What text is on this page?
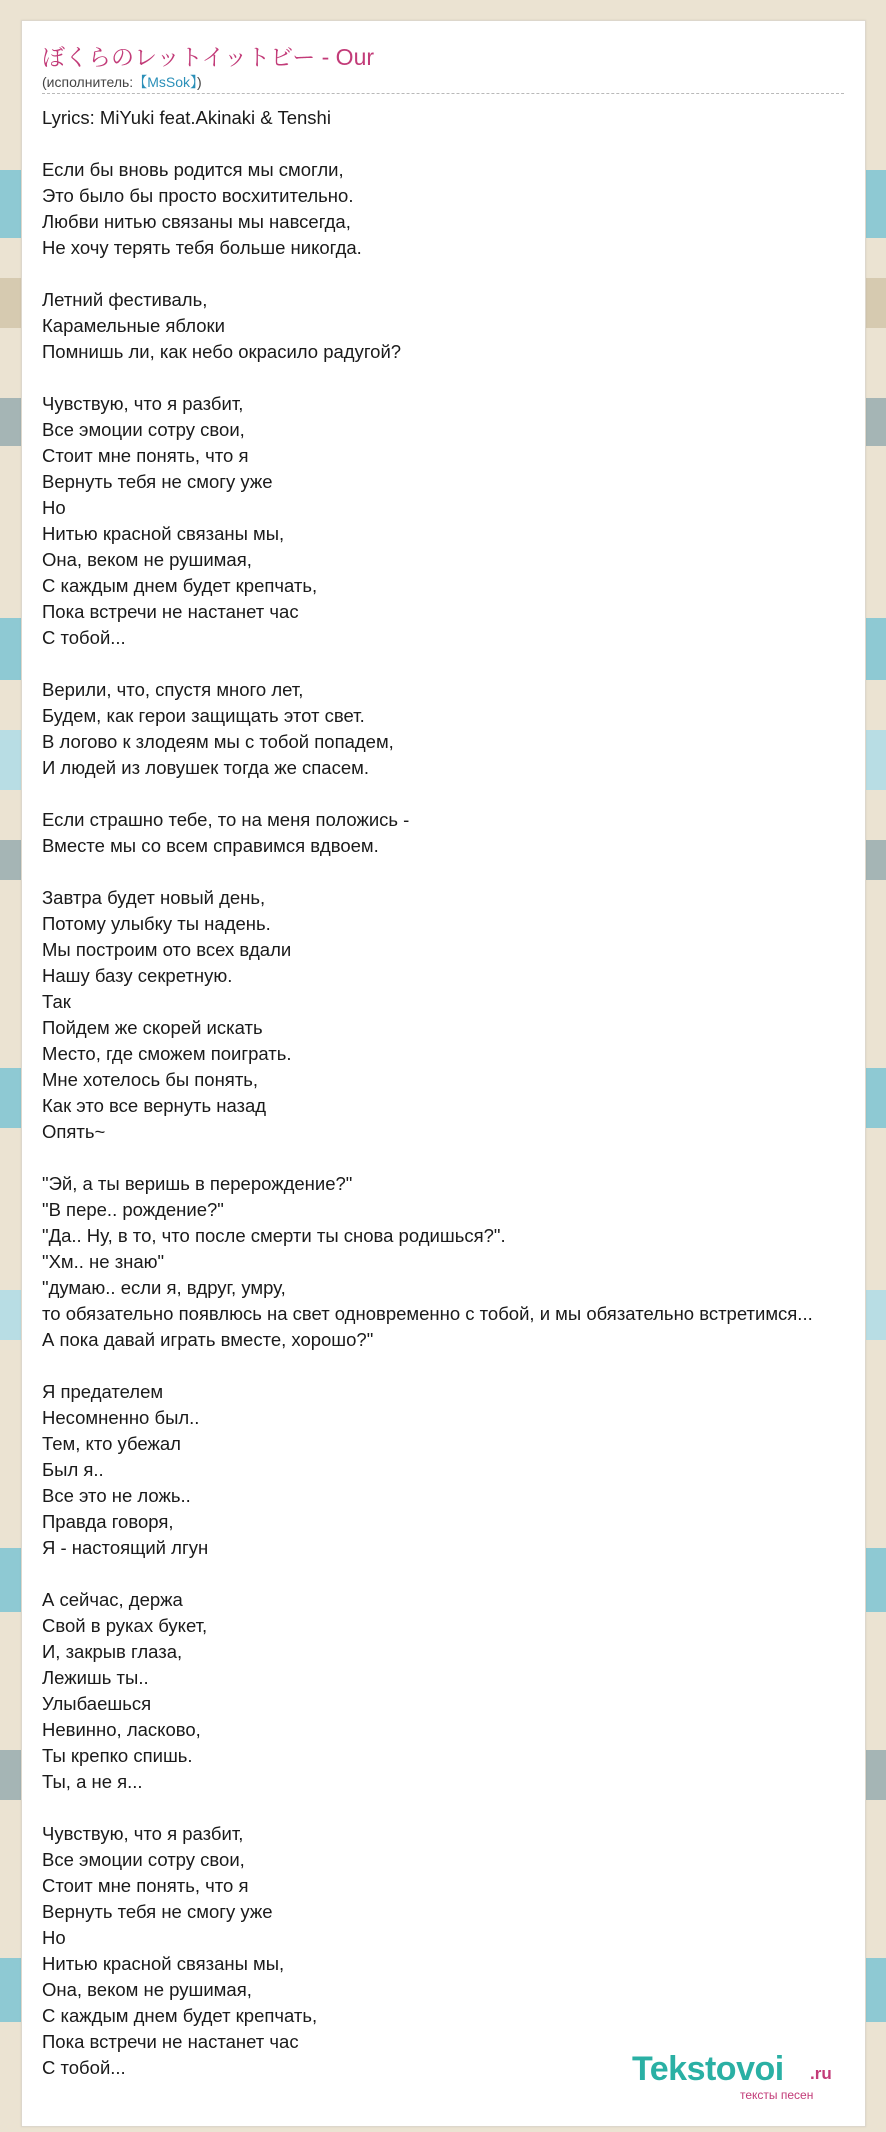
ぼくらのレットイットビー - Our
(исполнитель:【MsSok】)
Lyrics: MiYuki feat.Akinaki & Tenshi
Если бы вновь родится мы смогли,
Это было бы просто восхитительно.
Любви нитью связаны мы навсегда,
Не хочу терять тебя больше никогда.
Летний фестиваль,
Карамельные яблоки
Помнишь ли, как небо окрасило радугой?
Чувствую, что я разбит,
Все эмоции сотру свои,
Стоит мне понять, что я
Вернуть тебя не смогу уже
Но
Нитью красной связаны мы,
Она, веком не рушимая,
С каждым днем будет крепчать,
Пока встречи не настанет час
С тобой...
Верили, что, спустя много лет,
Будем, как герои защищать этот свет.
В логово к злодеям мы с тобой попадем,
И людей из ловушек тогда же спасем.
Если страшно тебе, то на меня положись -
Вместе мы со всем справимся вдвоем.
Завтра будет новый день,
Потому улыбку ты надень.
Мы построим ото всех вдали
Нашу базу секретную.
Так
Пойдем же скорей искать
Место, где сможем поиграть.
Мне хотелось бы понять,
Как это все вернуть назад
Опять~
"Эй, а ты веришь в перерождение?"
"В пере.. рождение?"
"Да.. Ну, в то, что после смерти ты снова родишься?".
"Хм.. не знаю"
"думаю.. если я, вдруг, умру,
то обязательно появлюсь на свет одновременно с тобой, и мы обязательно встретимся...
А пока давай играть вместе, хорошо?"
Я предателем
Несомненно был..
Тем, кто убежал
Был я..
Все это не ложь..
Правда говоря,
Я - настоящий лгун
А сейчас, держа
Свой в руках букет,
И, закрыв глаза,
Лежишь ты..
Улыбаешься
Невинно, ласково,
Ты крепко спишь.
Ты, а не я...
Чувствую, что я разбит,
Все эмоции сотру свои,
Стоит мне понять, что я
Вернуть тебя не смогу уже
Но
Нитью красной связаны мы,
Она, веком не рушимая,
С каждым днем будет крепчать,
Пока встречи не настанет час
С тобой...	Tekstovoi .ru
тексты песен
